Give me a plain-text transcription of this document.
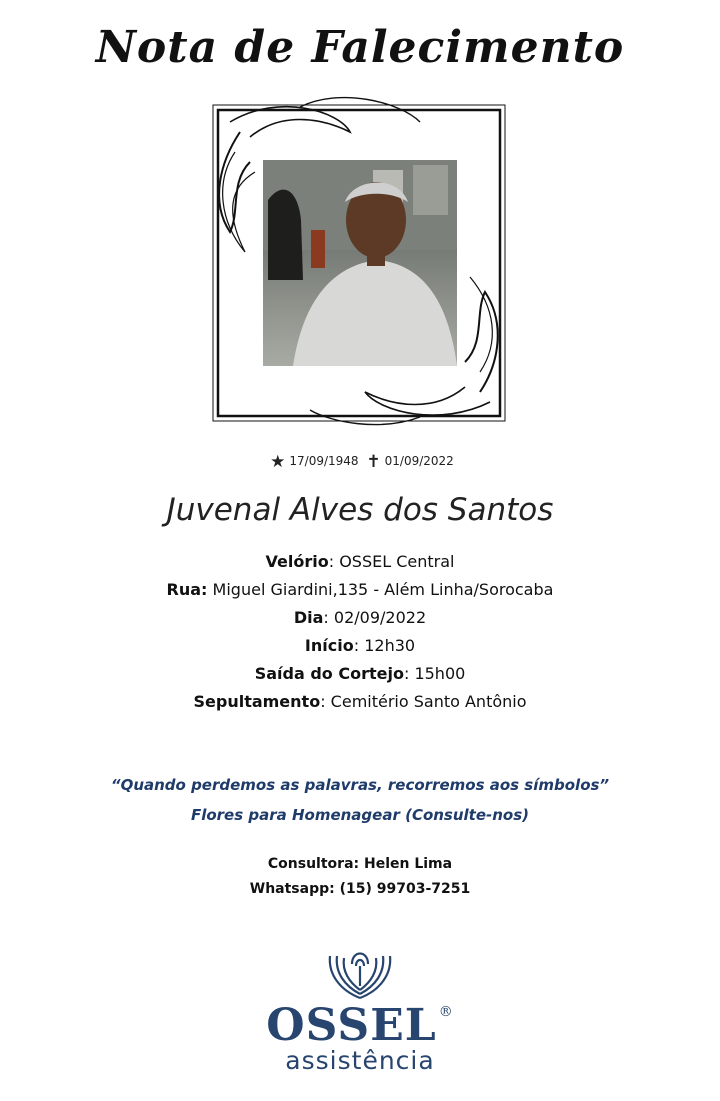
Nota de Falecimento
★ 17/09/1948 ✝ 01/09/2022
Juvenal Alves dos Santos
Velório: OSSEL Central
Rua: Miguel Giardini,135 - Além Linha/Sorocaba
Dia: 02/09/2022
Início: 12h30
Saída do Cortejo: 15h00
Sepultamento: Cemitério Santo Antônio
“Quando perdemos as palavras, recorremos aos símbolos”
Flores para Homenagear (Consulte-nos)
Consultora: Helen Lima
Whatsapp: (15) 99703-7251
OSSEL ®
assistência
